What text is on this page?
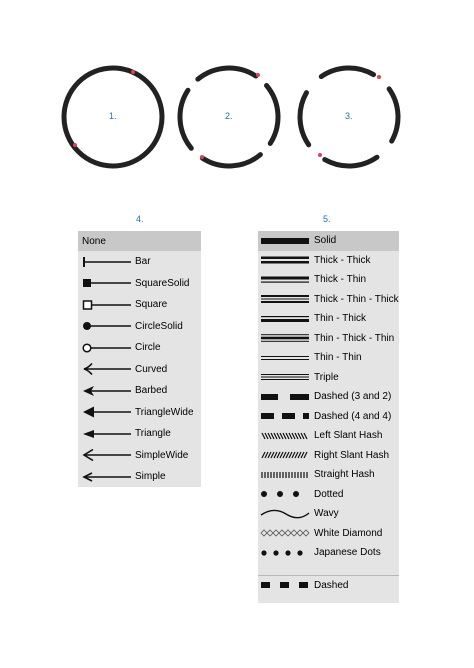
1.	2.	3.
4.	5.
None
Bar
SquareSolid
Square
CircleSolid
Circle
Curved
Barbed
TriangleWide
Triangle
SimpleWide
Simple
Solid
Thick - Thick
Thick - Thin
Thick - Thin - Thick
Thin - Thick
Thin - Thick - Thin
Thin - Thin
Triple
Dashed (3 and 2)
Dashed (4 and 4)
Left Slant Hash
Right Slant Hash
Straight Hash
Dotted
Wavy
White Diamond
Japanese Dots
Dashed
